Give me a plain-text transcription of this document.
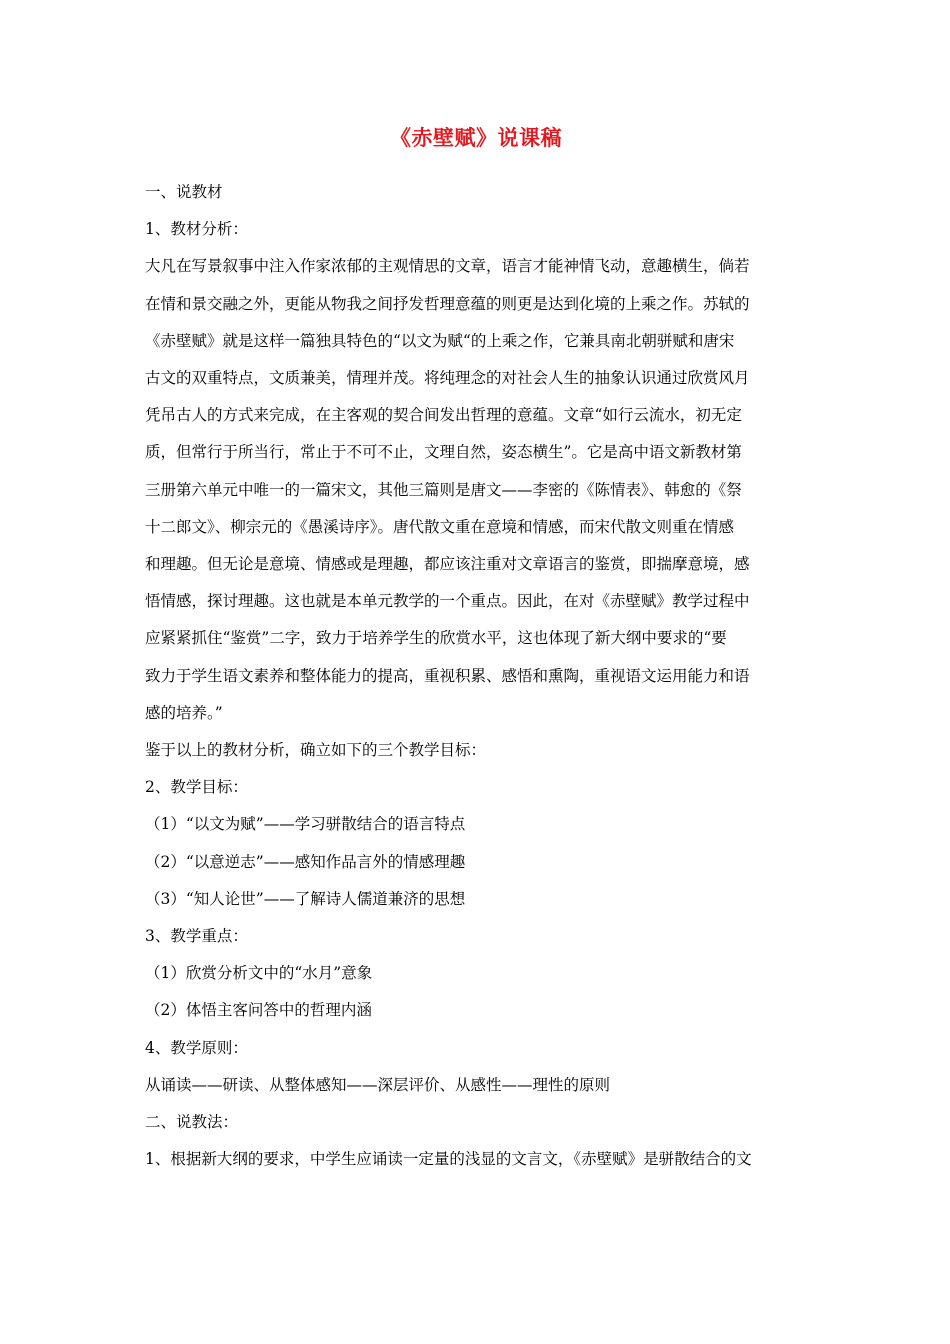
《赤壁赋》说课稿
一、说教材
1、教材分析：
大凡在写景叙事中注入作家浓郁的主观情思的文章，语言才能神情飞动，意趣横生，倘若
在情和景交融之外，更能从物我之间抒发哲理意蕴的则更是达到化境的上乘之作。苏轼的
《赤壁赋》就是这样一篇独具特色的“以文为赋“的上乘之作，它兼具南北朝骈赋和唐宋
古文的双重特点，文质兼美，情理并茂。将纯理念的对社会人生的抽象认识通过欣赏风月
凭吊古人的方式来完成，在主客观的契合间发出哲理的意蕴。文章“如行云流水，初无定
质，但常行于所当行，常止于不可不止，文理自然，姿态横生”。它是高中语文新教材第
三册第六单元中唯一的一篇宋文，其他三篇则是唐文——李密的《陈情表》、韩愈的《祭
十二郎文》、柳宗元的《愚溪诗序》。唐代散文重在意境和情感，而宋代散文则重在情感
和理趣。但无论是意境、情感或是理趣，都应该注重对文章语言的鉴赏，即揣摩意境，感
悟情感，探讨理趣。这也就是本单元教学的一个重点。因此，在对《赤壁赋》教学过程中
应紧紧抓住“鉴赏”二字，致力于培养学生的欣赏水平，这也体现了新大纲中要求的“要
致力于学生语文素养和整体能力的提高，重视积累、感悟和熏陶，重视语文运用能力和语
感的培养。”
鉴于以上的教材分析，确立如下的三个教学目标：
2、教学目标：
（1）“以文为赋”——学习骈散结合的语言特点
（2）“以意逆志”——感知作品言外的情感理趣
（3）“知人论世”——了解诗人儒道兼济的思想
3、教学重点：
（1）欣赏分析文中的“水月”意象
（2）体悟主客问答中的哲理内涵
4、教学原则：
从诵读——研读、从整体感知——深层评价、从感性——理性的原则
二、说教法：
1、根据新大纲的要求，中学生应诵读一定量的浅显的文言文，《赤壁赋》是骈散结合的文
